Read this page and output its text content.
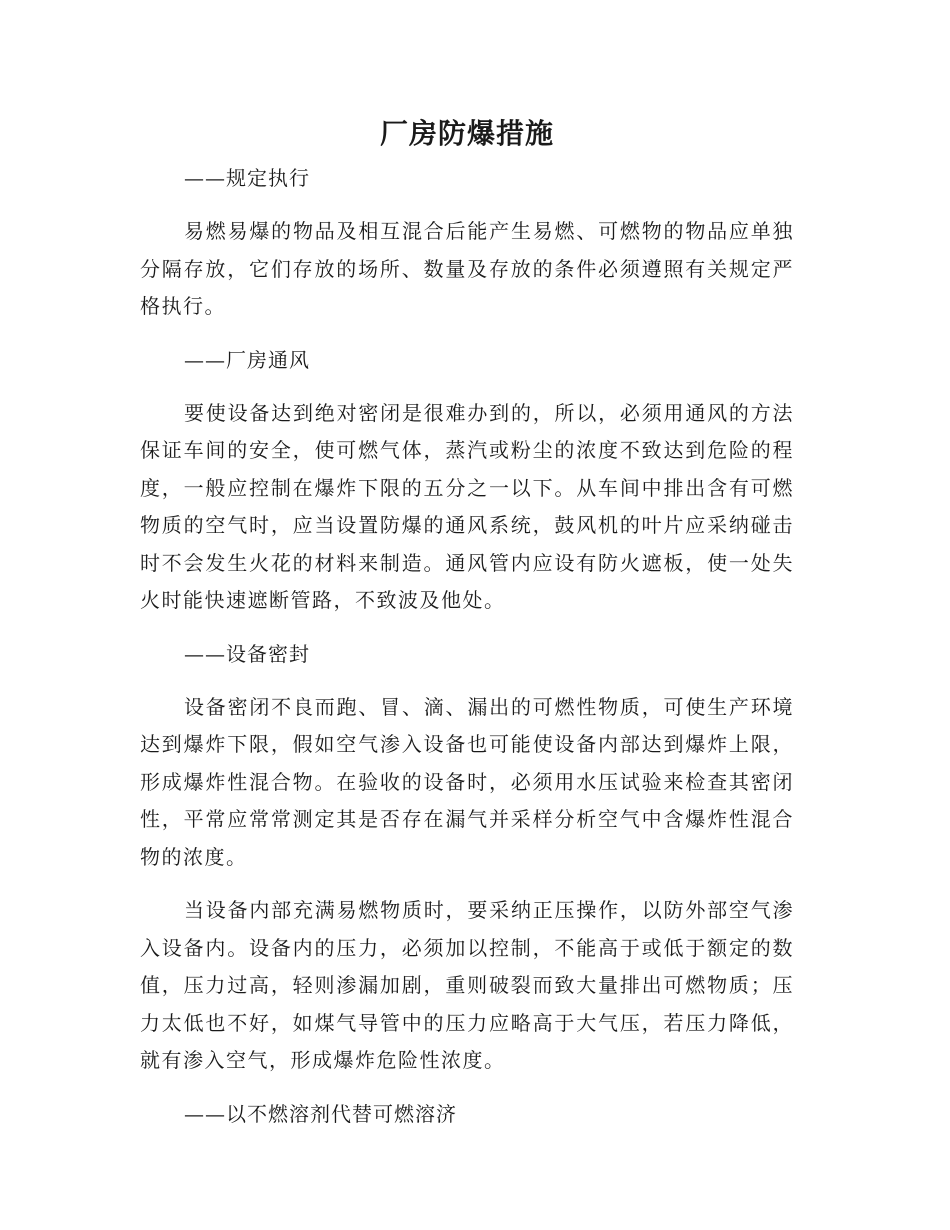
厂房防爆措施
——规定执行

易燃易爆的物品及相互混合后能产生易燃、可燃物的物品应单独分隔存放，它们存放的场所、数量及存放的条件必须遵照有关规定严格执行。

——厂房通风

要使设备达到绝对密闭是很难办到的，所以，必须用通风的方法保证车间的安全，使可燃气体，蒸汽或粉尘的浓度不致达到危险的程度，一般应控制在爆炸下限的五分之一以下。从车间中排出含有可燃物质的空气时，应当设置防爆的通风系统，鼓风机的叶片应采纳碰击时不会发生火花的材料来制造。通风管内应设有防火遮板，使一处失火时能快速遮断管路，不致波及他处。

——设备密封

设备密闭不良而跑、冒、滴、漏出的可燃性物质，可使生产环境达到爆炸下限，假如空气渗入设备也可能使设备内部达到爆炸上限，形成爆炸性混合物。在验收的设备时，必须用水压试验来检查其密闭性，平常应常常测定其是否存在漏气并采样分析空气中含爆炸性混合物的浓度。

当设备内部充满易燃物质时，要采纳正压操作，以防外部空气渗入设备内。设备内的压力，必须加以控制，不能高于或低于额定的数值，压力过高，轻则渗漏加剧，重则破裂而致大量排出可燃物质；压力太低也不好，如煤气导管中的压力应略高于大气压，若压力降低，就有渗入空气，形成爆炸危险性浓度。

——以不燃溶剂代替可燃溶济
